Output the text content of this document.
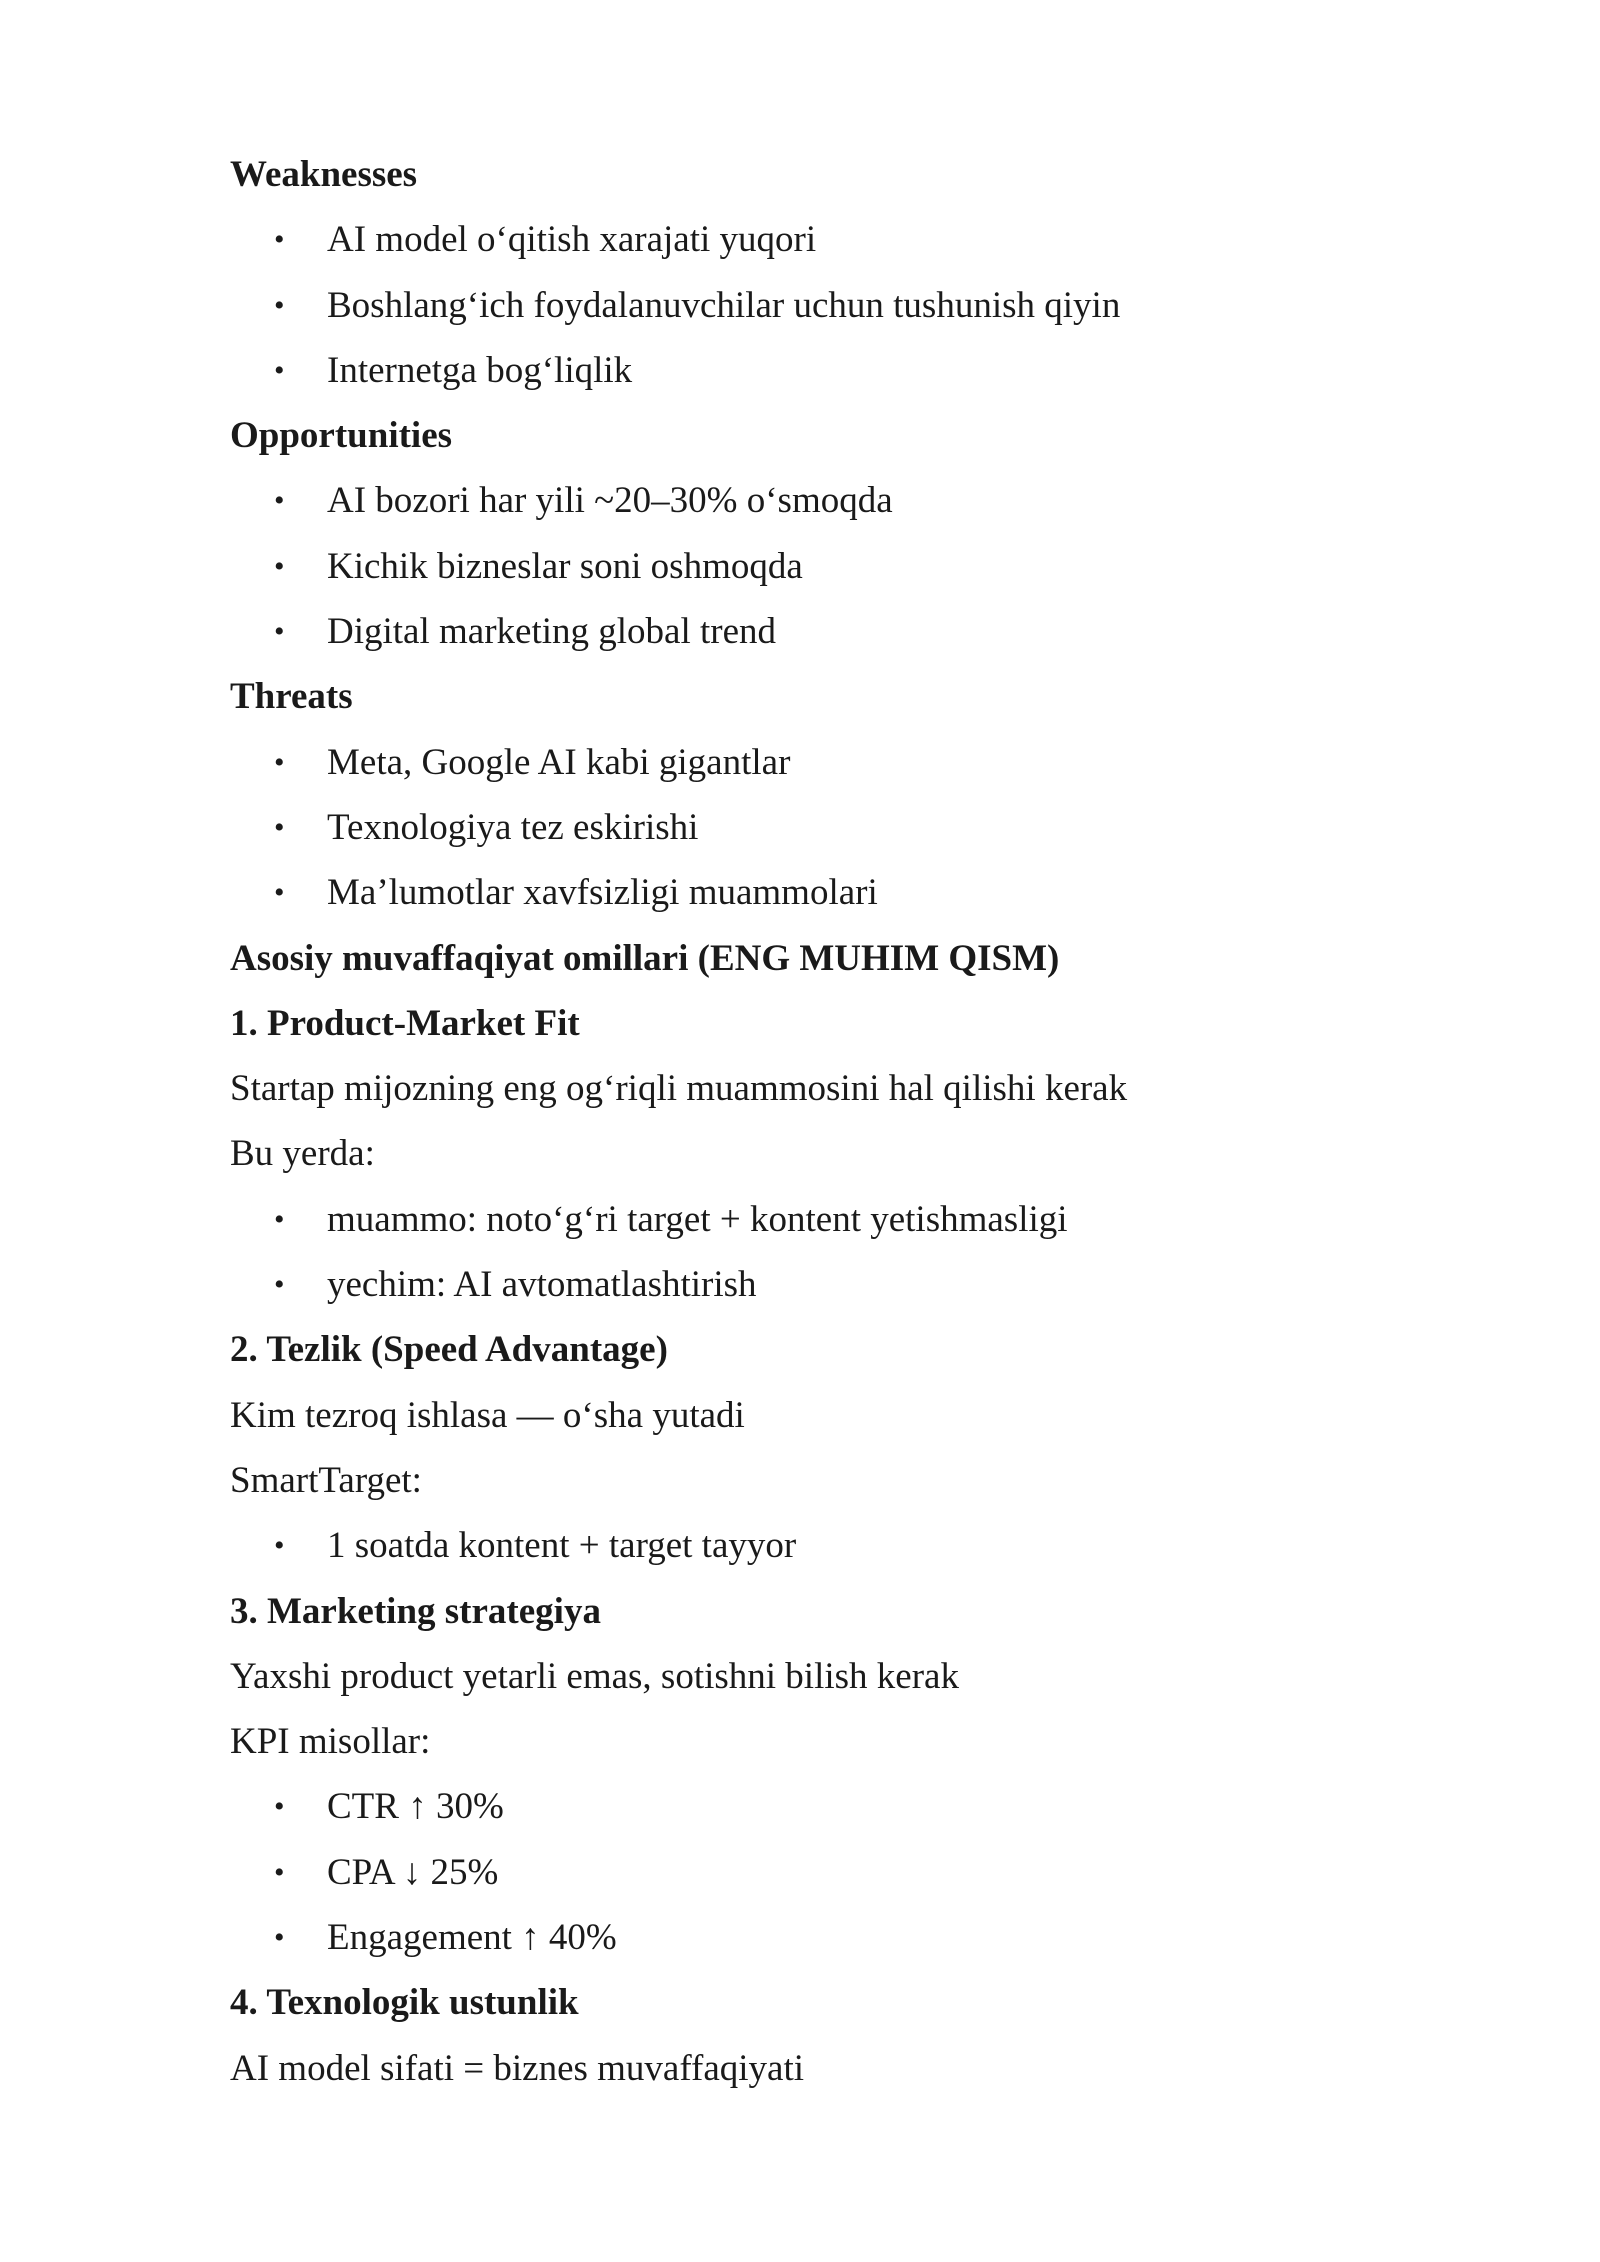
Weaknesses
• AI model o‘qitish xarajati yuqori
• Boshlang‘ich foydalanuvchilar uchun tushunish qiyin
• Internetga bog‘liqlik
Opportunities
• AI bozori har yili ~20–30% o‘smoqda
• Kichik bizneslar soni oshmoqda
• Digital marketing global trend
Threats
• Meta, Google AI kabi gigantlar
• Texnologiya tez eskirishi
• Ma’lumotlar xavfsizligi muammolari
Asosiy muvaffaqiyat omillari (ENG MUHIM QISM)
1. Product-Market Fit
Startap mijozning eng og‘riqli muammosini hal qilishi kerak
Bu yerda:
• muammo: noto‘g‘ri target + kontent yetishmasligi
• yechim: AI avtomatlashtirish
2. Tezlik (Speed Advantage)
Kim tezroq ishlasa — o‘sha yutadi
SmartTarget:
• 1 soatda kontent + target tayyor
3. Marketing strategiya
Yaxshi product yetarli emas, sotishni bilish kerak
KPI misollar:
• CTR ↑ 30%
• CPA ↓ 25%
• Engagement ↑ 40%
4. Texnologik ustunlik
AI model sifati = biznes muvaffaqiyati
